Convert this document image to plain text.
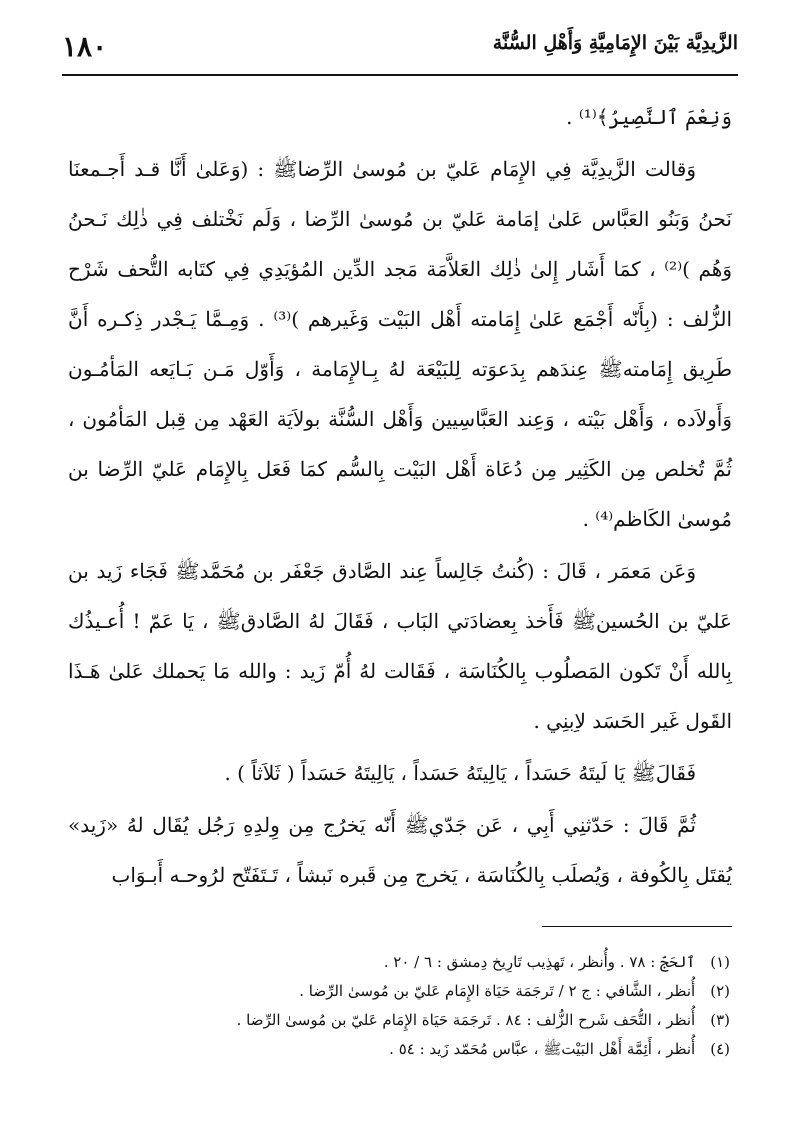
الزَّيدِيَّة بَيْنَ الإِمَامِيَّةِ وَأَهْلِ السُّنَّة
١٨٠

وَنِعْمَ ٱلنَّصِيرُ﴾⁽¹⁾ .

وَقالت الزَّيدِيَّة فِي الإِمَام عَليّ بن مُوسىٰ الرِّضاﷺ : (وَعَلىٰ أَنَّا قـد أَجـمعنَا نَحنُ وَبَنُو العَبَّاس عَلىٰ إمَامة عَليّ بن مُوسىٰ الرِّضا ، وَلَم نَخْتلف فِي ذٰلِك نَـحنُ وَهُم )⁽²⁾ ، كمَا أَشَار إِلىٰ ذٰلِك العَلاَّمَة مَجد الدِّين المُؤيَدِي فِي كتَابه التُّحف شَرْح الزُّلف : (بِأَنّه أَجْمَع عَلىٰ إِمَامته أَهْل البَيْت وَغَيرهم )⁽³⁾ . وَمِـمَّا يَـجْدر ذِكـره أَنَّ طَرِيق إِمَامتهﷺ عِندَهم بِدَعوَته لِلبَيْعَة لهُ بِـالإِمَامة ، وَأَوّل مَـن بَـايَعه المَأمُـون وَأَولاَده ، وَأَهْل بَيْته ، وَعِند العَبَّاسِيين وَأَهْل السُّنَّة بولاَيَة العَهْد مِن قِبل المَأمُون ، ثُمَّ تُخلص مِن الكَثِير مِن دُعَاة أَهْل البَيْت بِالسُّم كمَا فَعَل بِالإِمَام عَليّ الرِّضا بن مُوسىٰ الكَاظم⁽⁴⁾ .

وَعَن مَعمَر ، قَالَ : (كُنتُ جَالِساً عِند الصَّادق جَعْفَر بن مُحَمَّدﷺ فَجَاء زَيد بن عَليّ بن الحُسينﷺ فَأَخذ بِعضادَتي البَاب ، فَقَالَ لهُ الصَّادقﷺ ، يَا عَمّ ! أُعـيذُك بِالله أَنْ تَكون المَصلُوب بِالكُنَاسَة ، فَقَالت لهُ أُمّ زَيد : والله مَا يَحملك عَلىٰ هَـذَا القَول غَير الحَسَد لاِبنِي .

فَقَالَﷺ يَا لَيتَهُ حَسَداً ، يَالِيتَهُ حَسَداً ، يَالِيتَهُ حَسَداً ( ثَلاَثاً ) .

ثُمَّ قَالَ : حَدّثنِي أَبِي ، عَن جَدّيﷺ أَنّه يَخرُج مِن وِلدِهِ رَجُل يُقَال لهُ «زَيد» يُقتَل بِالكُوفة ، وَيُصلَب بِالكُنَاسَة ، يَخرج مِن قَبره نَبشاً ، تَـتَفَتّح لرُوحـه أَبـوَاب

(١) ٱلحَجّ : ٧٨ . وأُنظر ، تَهذِيب تَارِيخ دِمشق : ٦ / ٢٠ .
(٢) أُنظر ، الشَّافي : ج ٢ / تَرجَمَة حَيَاة الإِمَام عَليّ بن مُوسىٰ الرِّضا .
(٣) أُنظر ، التُّحَف شَرح الزُّلف : ٨٤ . تَرجَمَة حَيَاة الإِمَام عَليّ بن مُوسىٰ الرِّضا .
(٤) أُنظر ، أَئِمَّة أَهْل البَيْتﷺ ، عبَّاس مُحَمّد زَيد : ٥٤ .
